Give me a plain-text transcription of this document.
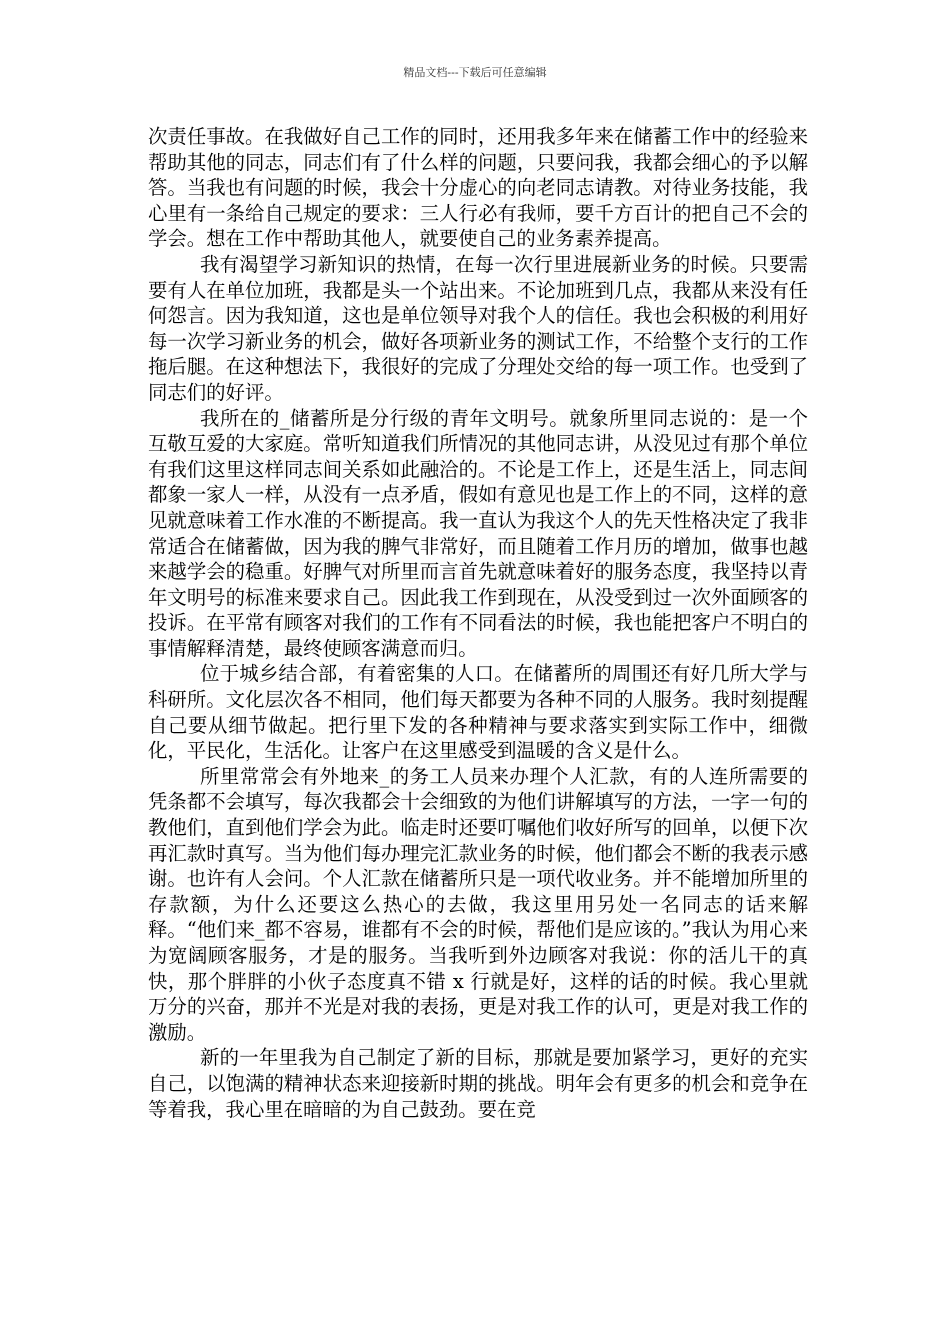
精品文档---下载后可任意编辑

次责任事故。在我做好自己工作的同时，还用我多年来在储蓄工作中的经验来帮助其他的同志，同志们有了什么样的问题，只要问我，我都会细心的予以解答。当我也有问题的时候，我会十分虚心的向老同志请教。对待业务技能，我心里有一条给自己规定的要求：三人行必有我师，要千方百计的把自己不会的学会。想在工作中帮助其他人，就要使自己的业务素养提高。

我有渴望学习新知识的热情，在每一次行里进展新业务的时候。只要需要有人在单位加班，我都是头一个站出来。不论加班到几点，我都从来没有任何怨言。因为我知道，这也是单位领导对我个人的信任。我也会积极的利用好每一次学习新业务的机会，做好各项新业务的测试工作，不给整个支行的工作拖后腿。在这种想法下，我很好的完成了分理处交给的每一项工作。也受到了同志们的好评。

我所在的_储蓄所是分行级的青年文明号。就象所里同志说的：是一个互敬互爱的大家庭。常听知道我们所情况的其他同志讲，从没见过有那个单位有我们这里这样同志间关系如此融洽的。不论是工作上，还是生活上，同志间都象一家人一样，从没有一点矛盾，假如有意见也是工作上的不同，这样的意见就意味着工作水准的不断提高。我一直认为我这个人的先天性格决定了我非常适合在储蓄做，因为我的脾气非常好，而且随着工作月历的增加，做事也越来越学会的稳重。好脾气对所里而言首先就意味着好的服务态度，我坚持以青年文明号的标准来要求自己。因此我工作到现在，从没受到过一次外面顾客的投诉。在平常有顾客对我们的工作有不同看法的时候，我也能把客户不明白的事情解释清楚，最终使顾客满意而归。

位于城乡结合部，有着密集的人口。在储蓄所的周围还有好几所大学与科研所。文化层次各不相同，他们每天都要为各种不同的人服务。我时刻提醒自己要从细节做起。把行里下发的各种精神与要求落实到实际工作中，细微化，平民化，生活化。让客户在这里感受到温暖的含义是什么。

所里常常会有外地来_的务工人员来办理个人汇款，有的人连所需要的凭条都不会填写，每次我都会十会细致的为他们讲解填写的方法，一字一句的教他们，直到他们学会为此。临走时还要叮嘱他们收好所写的回单，以便下次再汇款时真写。当为他们每办理完汇款业务的时候，他们都会不断的我表示感谢。也许有人会问。个人汇款在储蓄所只是一项代收业务。并不能增加所里的存款额，为什么还要这么热心的去做，我这里用另处一名同志的话来解释。“他们来_都不容易，谁都有不会的时候，帮他们是应该的。”我认为用心来为宽阔顾客服务，才是的服务。当我听到外边顾客对我说：你的活儿干的真快，那个胖胖的小伙子态度真不错 x 行就是好，这样的话的时候。我心里就万分的兴奋，那并不光是对我的表扬，更是对我工作的认可，更是对我工作的激励。

新的一年里我为自己制定了新的目标，那就是要加紧学习，更好的充实自己，以饱满的精神状态来迎接新时期的挑战。明年会有更多的机会和竞争在等着我，我心里在暗暗的为自己鼓劲。要在竞
